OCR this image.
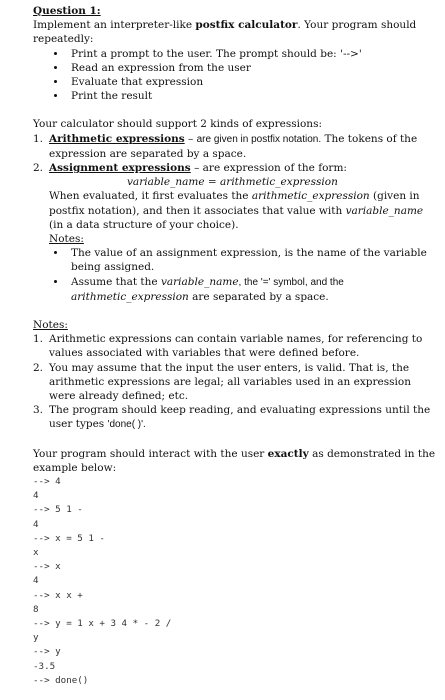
Question 1:
Implement an interpreter-like postfix calculator. Your program should repeatedly:
• Print a prompt to the user. The prompt should be: '-->'
• Read an expression from the user
• Evaluate that expression
• Print the result
Your calculator should support 2 kinds of expressions:
1. Arithmetic expressions – are given in postfix notation. The tokens of the expression are separated by a space.
2. Assignment expressions – are expression of the form:
variable_name = arithmetic_expression
When evaluated, it first evaluates the arithmetic_expression (given in postfix notation), and then it associates that value with variable_name (in a data structure of your choice).
Notes:
• The value of an assignment expression, is the name of the variable being assigned.
• Assume that the variable_name, the '=' symbol, and the arithmetic_expression are separated by a space.
Notes:
1. Arithmetic expressions can contain variable names, for referencing to values associated with variables that were defined before.
2. You may assume that the input the user enters, is valid. That is, the arithmetic expressions are legal; all variables used in an expression were already defined; etc.
3. The program should keep reading, and evaluating expressions until the user types 'done( )'.
Your program should interact with the user exactly as demonstrated in the example below:
--> 4
4
--> 5 1 -
4
--> x = 5 1 -
x
--> x
4
--> x x +
8
--> y = 1 x + 3 4 * - 2 /
y
--> y
-3.5
--> done()
